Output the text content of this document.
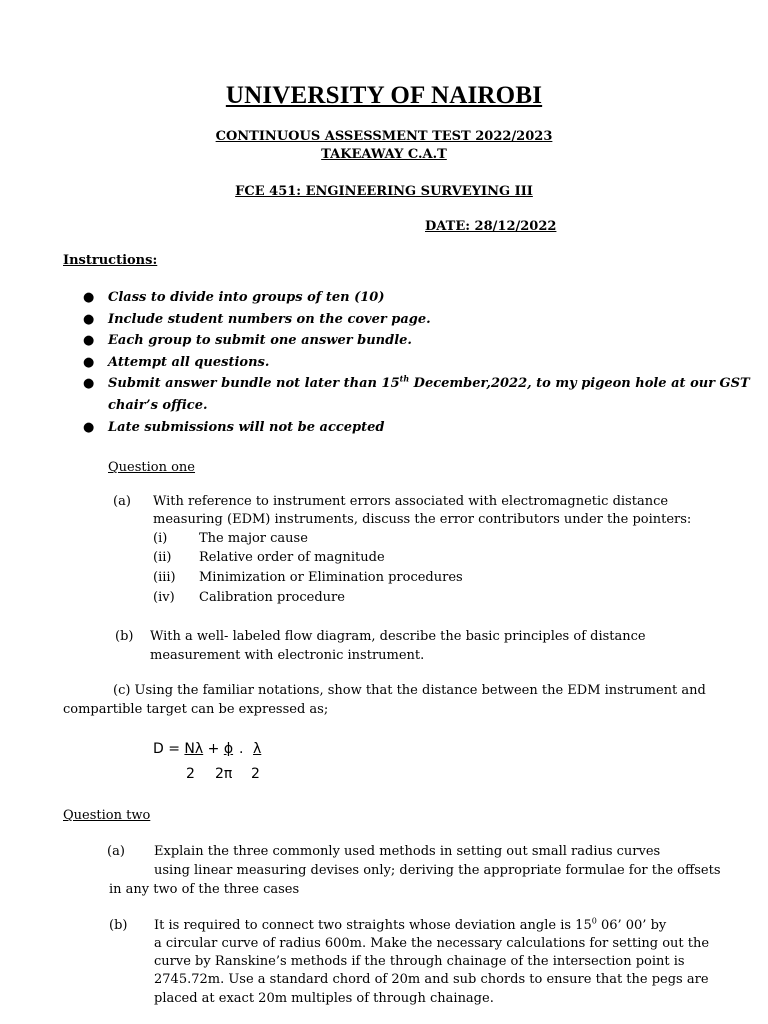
UNIVERSITY OF NAIROBI
CONTINUOUS ASSESSMENT TEST 2022/2023
TAKEAWAY C.A.T
FCE 451: ENGINEERING SURVEYING III
DATE: 28/12/2022
Instructions:
● Class to divide into groups of ten (10)
● Include student numbers on the cover page.
● Each group to submit one answer bundle.
● Attempt all questions.
● Submit answer bundle not later than 15th December,2022, to my pigeon hole at our GST
chair’s office.
● Late submissions will not be accepted
Question one
(a) With reference to instrument errors associated with electromagnetic distance
measuring (EDM) instruments, discuss the error contributors under the pointers:
(i) The major cause
(ii) Relative order of magnitude
(iii) Minimization or Elimination procedures
(iv) Calibration procedure
(b) With a well- labeled flow diagram, describe the basic principles of distance
measurement with electronic instrument.
(c) Using the familiar notations, show that the distance between the EDM instrument and
compartible target can be expressed as;
D = Nλ + ϕ . λ
2 2π 2
Question two
(a) Explain the three commonly used methods in setting out small radius curves
using linear measuring devises only; deriving the appropriate formulae for the offsets
in any two of the three cases
(b) It is required to connect two straights whose deviation angle is $15^0$ 06’ 00’ by
a circular curve of radius 600m. Make the necessary calculations for setting out the
curve by Ranskine’s methods if the through chainage of the intersection point is
2745.72m. Use a standard chord of 20m and sub chords to ensure that the pegs are
placed at exact 20m multiples of through chainage.
